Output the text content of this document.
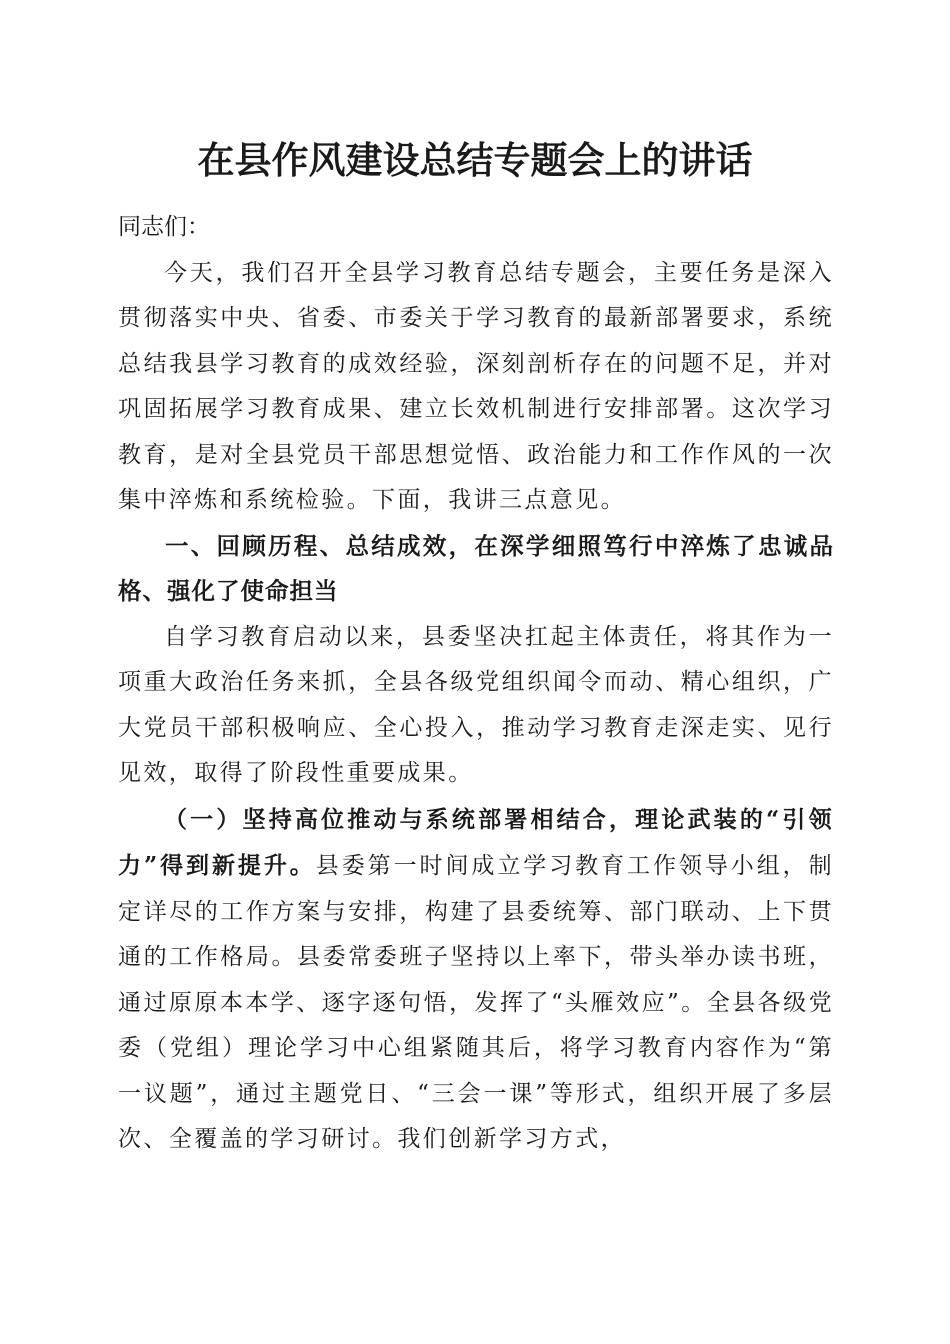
在县作风建设总结专题会上的讲话

同志们：

今天，我们召开全县学习教育总结专题会，主要任务是深入贯彻落实中央、省委、市委关于学习教育的最新部署要求，系统总结我县学习教育的成效经验，深刻剖析存在的问题不足，并对巩固拓展学习教育成果、建立长效机制进行安排部署。这次学习教育，是对全县党员干部思想觉悟、政治能力和工作作风的一次集中淬炼和系统检验。下面，我讲三点意见。

一、回顾历程、总结成效，在深学细照笃行中淬炼了忠诚品格、强化了使命担当

自学习教育启动以来，县委坚决扛起主体责任，将其作为一项重大政治任务来抓，全县各级党组织闻令而动、精心组织，广大党员干部积极响应、全心投入，推动学习教育走深走实、见行见效，取得了阶段性重要成果。

（一）坚持高位推动与系统部署相结合，理论武装的“引领力”得到新提升。县委第一时间成立学习教育工作领导小组，制定详尽的工作方案与安排，构建了县委统筹、部门联动、上下贯通的工作格局。县委常委班子坚持以上率下，带头举办读书班，通过原原本本学、逐字逐句悟，发挥了“头雁效应”。全县各级党委（党组）理论学习中心组紧随其后，将学习教育内容作为“第一议题”，通过主题党日、“三会一课”等形式，组织开展了多层次、全覆盖的学习研讨。我们创新学习方式，
